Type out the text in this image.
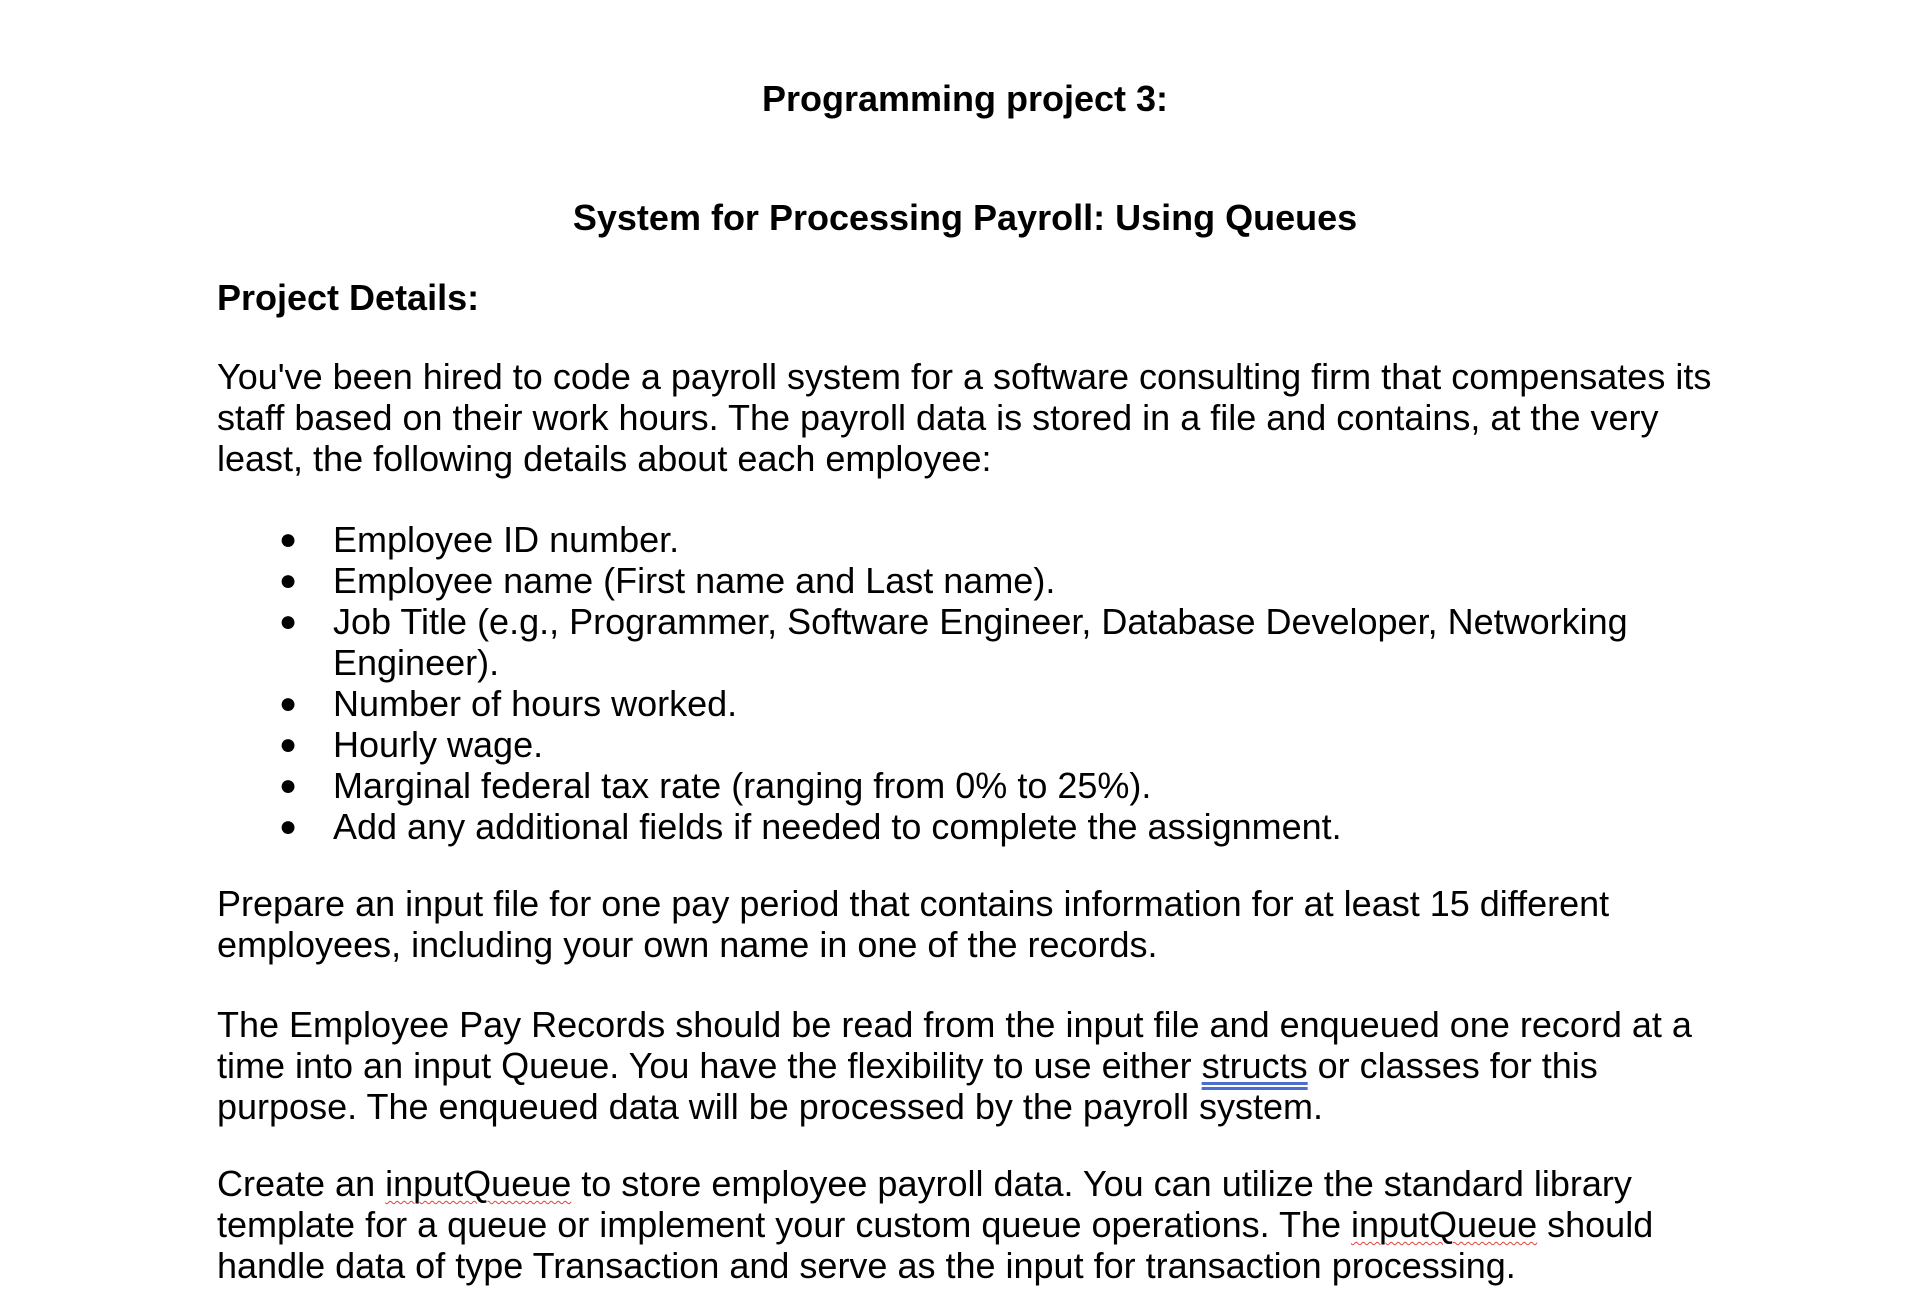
Programming project 3:
System for Processing Payroll: Using Queues
Project Details:

You've been hired to code a payroll system for a software consulting firm that compensates its
staff based on their work hours. The payroll data is stored in a file and contains, at the very
least, the following details about each employee:

● Employee ID number.
● Employee name (First name and Last name).
● Job Title (e.g., Programmer, Software Engineer, Database Developer, Networking
Engineer).
● Number of hours worked.
● Hourly wage.
● Marginal federal tax rate (ranging from 0% to 25%).
● Add any additional fields if needed to complete the assignment.

Prepare an input file for one pay period that contains information for at least 15 different
employees, including your own name in one of the records.

The Employee Pay Records should be read from the input file and enqueued one record at a
time into an input Queue. You have the flexibility to use either structs or classes for this
purpose. The enqueued data will be processed by the payroll system.

Create an inputQueue to store employee payroll data. You can utilize the standard library
template for a queue or implement your custom queue operations. The inputQueue should
handle data of type Transaction and serve as the input for transaction processing.
